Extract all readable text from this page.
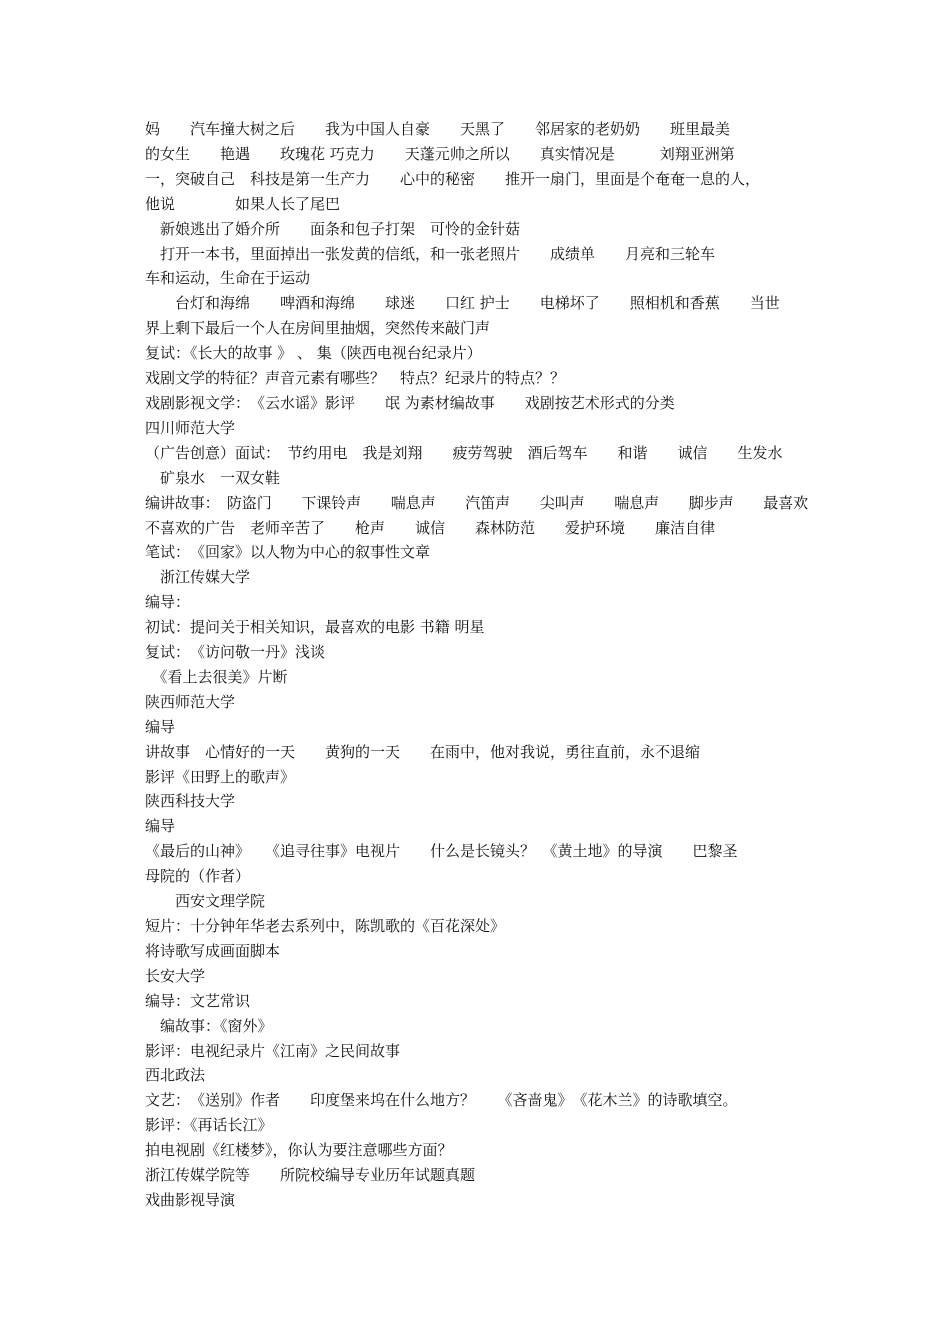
妈　　汽车撞大树之后　　我为中国人自豪　　天黑了　　邻居家的老奶奶　　班里最美
的女生　　艳遇　　玫瑰花 巧克力　　天蓬元帅之所以　　真实情况是　　　刘翔亚洲第
一，突破自己　科技是第一生产力　　心中的秘密　　推开一扇门，里面是个奄奄一息的人，
他说　　　　如果人长了尾巴
　新娘逃出了婚介所　　面条和包子打架　可怜的金针菇
　打开一本书，里面掉出一张发黄的信纸，和一张老照片　　成绩单　　月亮和三轮车
车和运动，生命在于运动
　　台灯和海绵　　啤酒和海绵　　球迷　　口红 护士　　电梯坏了　　照相机和香蕉　　当世
界上剩下最后一个人在房间里抽烟，突然传来敲门声
复试：《长大的故事 》 、 集（陕西电视台纪录片）
戏剧文学的特征？声音元素有哪些？　特点？纪录片的特点？？
戏剧影视文学：　《云水谣》影评　　氓 为素材编故事　　戏剧按艺术形式的分类
四川师范大学
（广告创意）面试：　节约用电　我是刘翔　　疲劳驾驶　酒后驾车　　和谐　　诚信　　生发水
　矿泉水　一双女鞋
编讲故事：　防盗门　　下课铃声　　喘息声　　汽笛声　　尖叫声　　喘息声　　脚步声　　最喜欢
不喜欢的广告　老师辛苦了　　枪声　　诚信　　森林防范　　爱护环境　　廉洁自律
笔试：　《回家》以人物为中心的叙事性文章
　浙江传媒大学
编导：
初试：提问关于相关知识，最喜欢的电影 书籍 明星
复试：　《访问敬一丹》浅谈
　《看上去很美》片断
陕西师范大学
编导
讲故事　心情好的一天　　黄狗的一天　　在雨中，他对我说，勇往直前，永不退缩
影评《田野上的歌声》
陕西科技大学
编导
《最后的山神》　　《追寻往事》电视片　　什么是长镜头？　《黄土地》的导演　　巴黎圣
母院的（作者）
　　西安文理学院
短片：十分钟年华老去系列中，陈凯歌的《百花深处》
将诗歌写成画面脚本
长安大学
编导：文艺常识
　编故事：《窗外》
影评：电视纪录片《江南》之民间故事
西北政法
文艺：　《送别》作者　　印度堡来坞在什么地方？　　《吝啬鬼》　《花木兰》的诗歌填空。
影评：《再话长江》
拍电视剧《红楼梦》，你认为要注意哪些方面？
浙江传媒学院等　　所院校编导专业历年试题真题
戏曲影视导演
